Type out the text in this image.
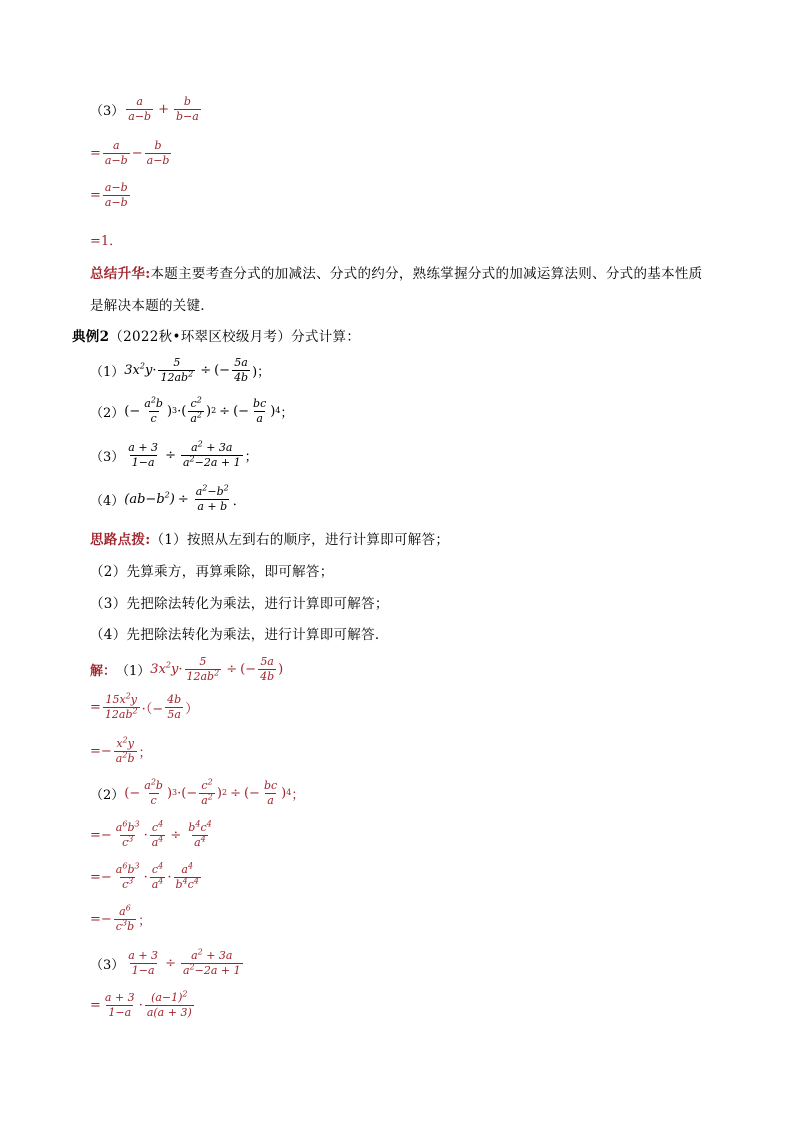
$(3) \frac{a}{a-b} + \frac{b}{b-a}$
= $\frac{a}{a-b} - \frac{b}{a-b}$
= $\frac{a-b}{a-b}$
=1．
总结升华: 本题主要考查分式的加减法、分式的约分，熟练掌握分式的加减运算法则、分式的基本性质
是解决本题的关键．
典例2 （2022秋•环翠区校级月考）分式计算：
（1） $3x^2y \cdot \frac{5}{12ab^2}$ ÷ (− $\frac{5a}{4b}$ )；
（2） (− $\frac{a^2b}{c}$ ) 3 ·( $\frac{c^2}{a^2}$ ) 2 ÷ (− $\frac{bc}{a}$ ) 4 ；
$(3) \frac{a + 3}{1-a} \div \frac{a^2 + 3a}{a^2-2a + 1}$ ；
（4） $(ab-b^2) \div \frac{a^2-b^2}{a + b}$ ．
思路点拨: （1）按照从左到右的顺序，进行计算即可解答；
（2）先算乘方，再算乘除，即可解答；
（3）先把除法转化为乘法，进行计算即可解答；
（4）先把除法转化为乘法，进行计算即可解答．
解： （1） $3x^2y \cdot \frac{5}{12ab^2}$ ÷ (− $\frac{5a}{4b}$ )
= $\frac{15x^2y}{12ab^2}$ ·（− $\frac{4b}{5a}$ ）
=− $\frac{x^2y}{a^2b}$ ；
（2） (− $\frac{a^2b}{c}$ ) 3 ·(− $\frac{c^2}{a^2}$ ) 2 ÷ (− $\frac{bc}{a}$ ) 4 ；
=− $\frac{a^6b^3}{c^3} \cdot \frac{c^4}{a^4} \div \frac{b^4c^4}{a^4}$
=− $\frac{a^6b^3}{c^3} \cdot \frac{c^4}{a^4} \cdot \frac{a^4}{b^4c^4}$
=− $\frac{a^6}{c^3b}$ ；
$(3) \frac{a + 3}{1-a} \div \frac{a^2 + 3a}{a^2-2a + 1}$
= $\frac{a + 3}{1-a} \cdot \frac{(a-1)^2}{a(a + 3)}$
